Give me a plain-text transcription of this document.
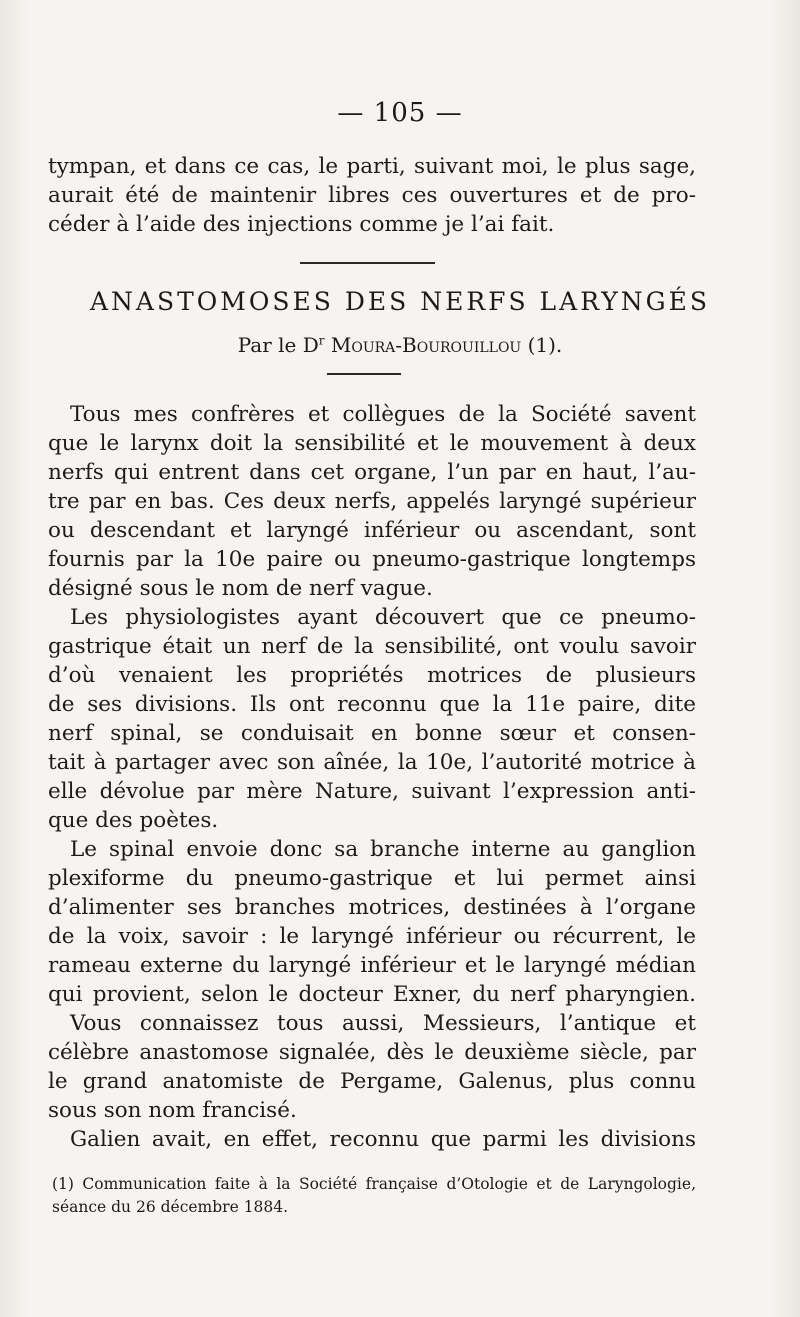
— 105 —
tympan, et dans ce cas, le parti, suivant moi, le plus sage,
aurait été de maintenir libres ces ouvertures et de pro-
céder à l’aide des injections comme je l’ai fait.
ANASTOMOSES DES NERFS LARYNGÉS
Par le $D^r$ Moura-Bourouillou (1).
Tous mes confrères et collègues de la Société savent
que le larynx doit la sensibilité et le mouvement à deux
nerfs qui entrent dans cet organe, l’un par en haut, l’au-
tre par en bas. Ces deux nerfs, appelés laryngé supérieur
ou descendant et laryngé inférieur ou ascendant, sont
fournis par la 10e paire ou pneumo-gastrique longtemps
désigné sous le nom de nerf vague.
Les physiologistes ayant découvert que ce pneumo-
gastrique était un nerf de la sensibilité, ont voulu savoir
d’où venaient les propriétés motrices de plusieurs
de ses divisions. Ils ont reconnu que la 11e paire, dite
nerf spinal, se conduisait en bonne sœur et consen-
tait à partager avec son aînée, la 10e, l’autorité motrice à
elle dévolue par mère Nature, suivant l’expression anti-
que des poètes.
Le spinal envoie donc sa branche interne au ganglion
plexiforme du pneumo-gastrique et lui permet ainsi
d’alimenter ses branches motrices, destinées à l’organe
de la voix, savoir : le laryngé inférieur ou récurrent, le
rameau externe du laryngé inférieur et le laryngé médian
qui provient, selon le docteur Exner, du nerf pharyngien.
Vous connaissez tous aussi, Messieurs, l’antique et
célèbre anastomose signalée, dès le deuxième siècle, par
le grand anatomiste de Pergame, Galenus, plus connu
sous son nom francisé.
Galien avait, en effet, reconnu que parmi les divisions
(1) Communication faite à la Société française d’Otologie et de Laryngologie,
séance du 26 décembre 1884.
